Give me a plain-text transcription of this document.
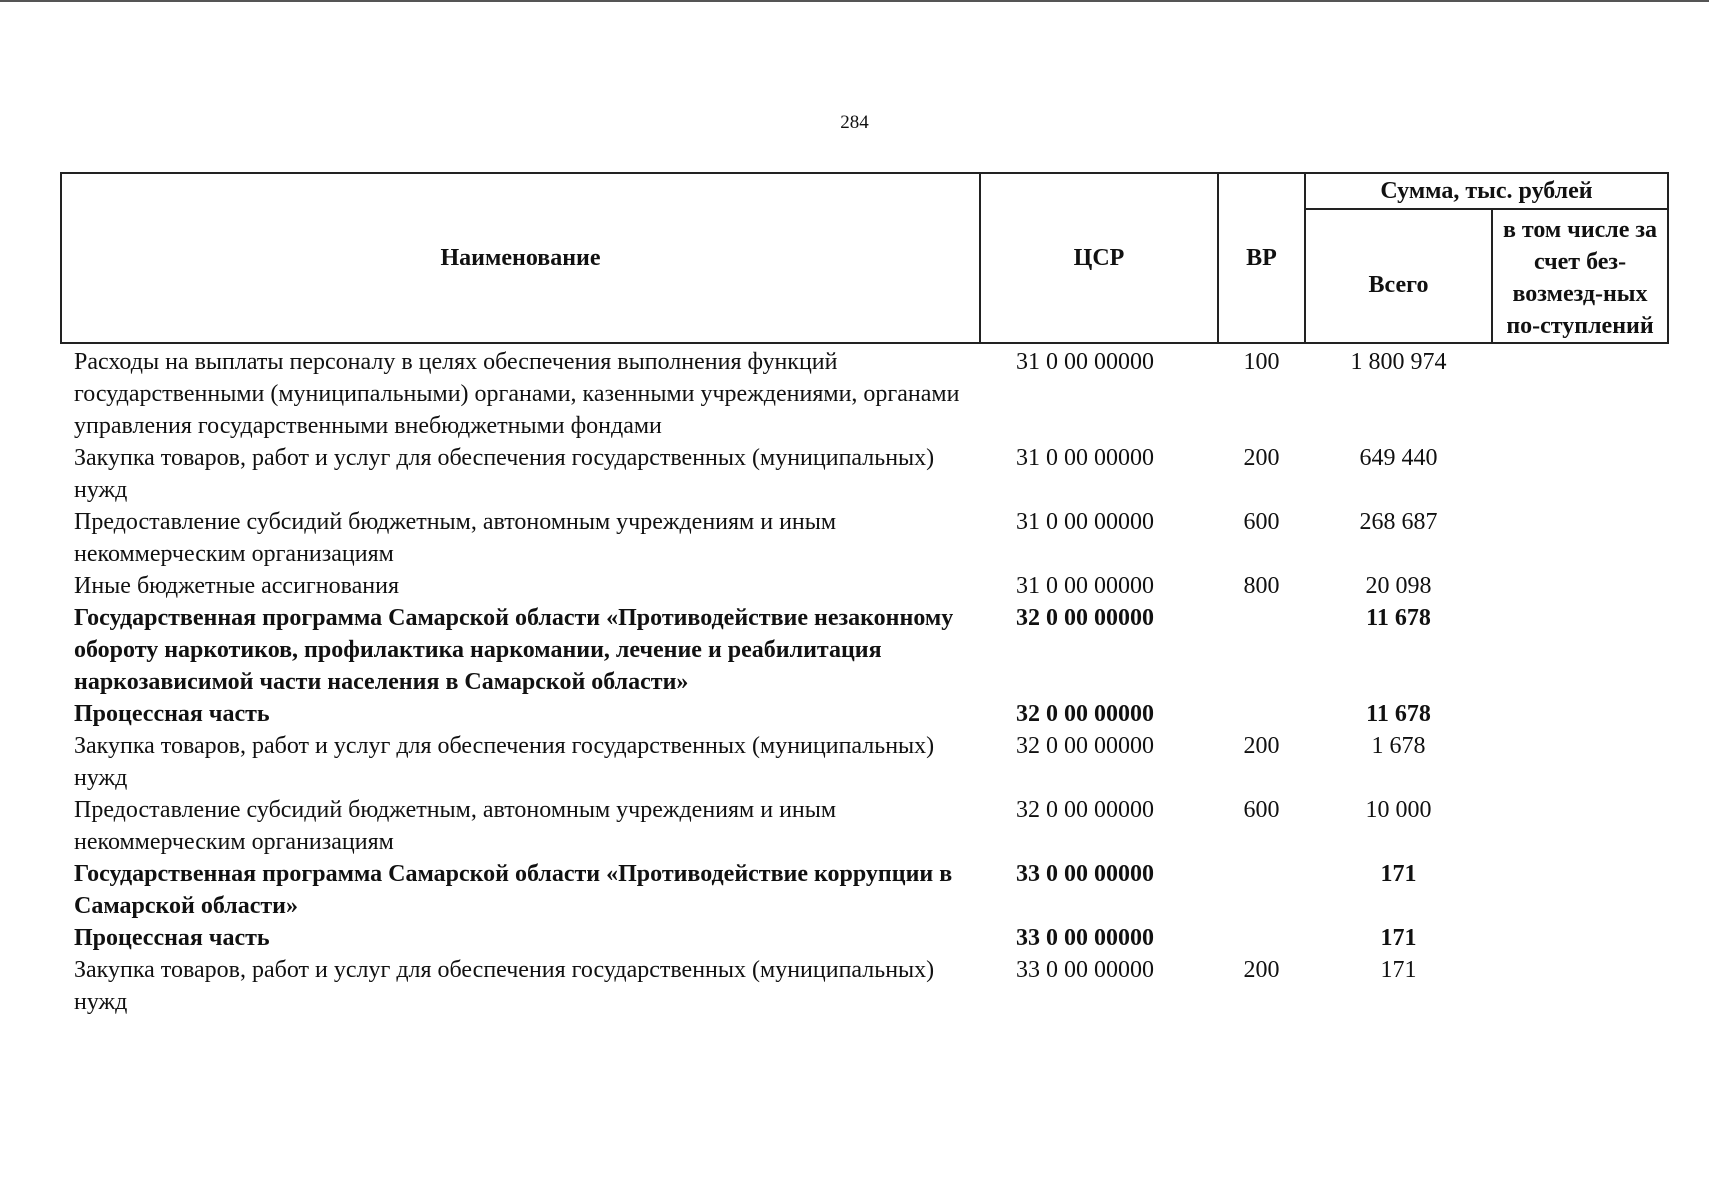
284
Наименование	ЦСР	ВР	Сумма, тыс. рублей	
			Всего	в том числе за счет без-возмезд-ных по-ступлений
Расходы на выплаты персоналу в целях обеспечения выполнения функций государственными (муниципальными) органами, казенными учреждениями, органами управления государственными внебюджетными фондами	31 0 00 00000	100	1 800 974	
Закупка товаров, работ и услуг для обеспечения государственных (муниципальных) нужд	31 0 00 00000	200	649 440	
Предоставление субсидий бюджетным, автономным учреждениям и иным некоммерческим организациям	31 0 00 00000	600	268 687	
Иные бюджетные ассигнования	31 0 00 00000	800	20 098	
Государственная программа Самарской области «Противодействие незаконному обороту наркотиков, профилактика наркомании, лечение и реабилитация наркозависимой части населения в Самарской области»	32 0 00 00000		11 678	
Процессная часть	32 0 00 00000		11 678	
Закупка товаров, работ и услуг для обеспечения государственных (муниципальных) нужд	32 0 00 00000	200	1 678	
Предоставление субсидий бюджетным, автономным учреждениям и иным некоммерческим организациям	32 0 00 00000	600	10 000	
Государственная программа Самарской области «Противодействие коррупции в Самарской области»	33 0 00 00000		171	
Процессная часть	33 0 00 00000		171	
Закупка товаров, работ и услуг для обеспечения государственных (муниципальных) нужд	33 0 00 00000	200	171	
